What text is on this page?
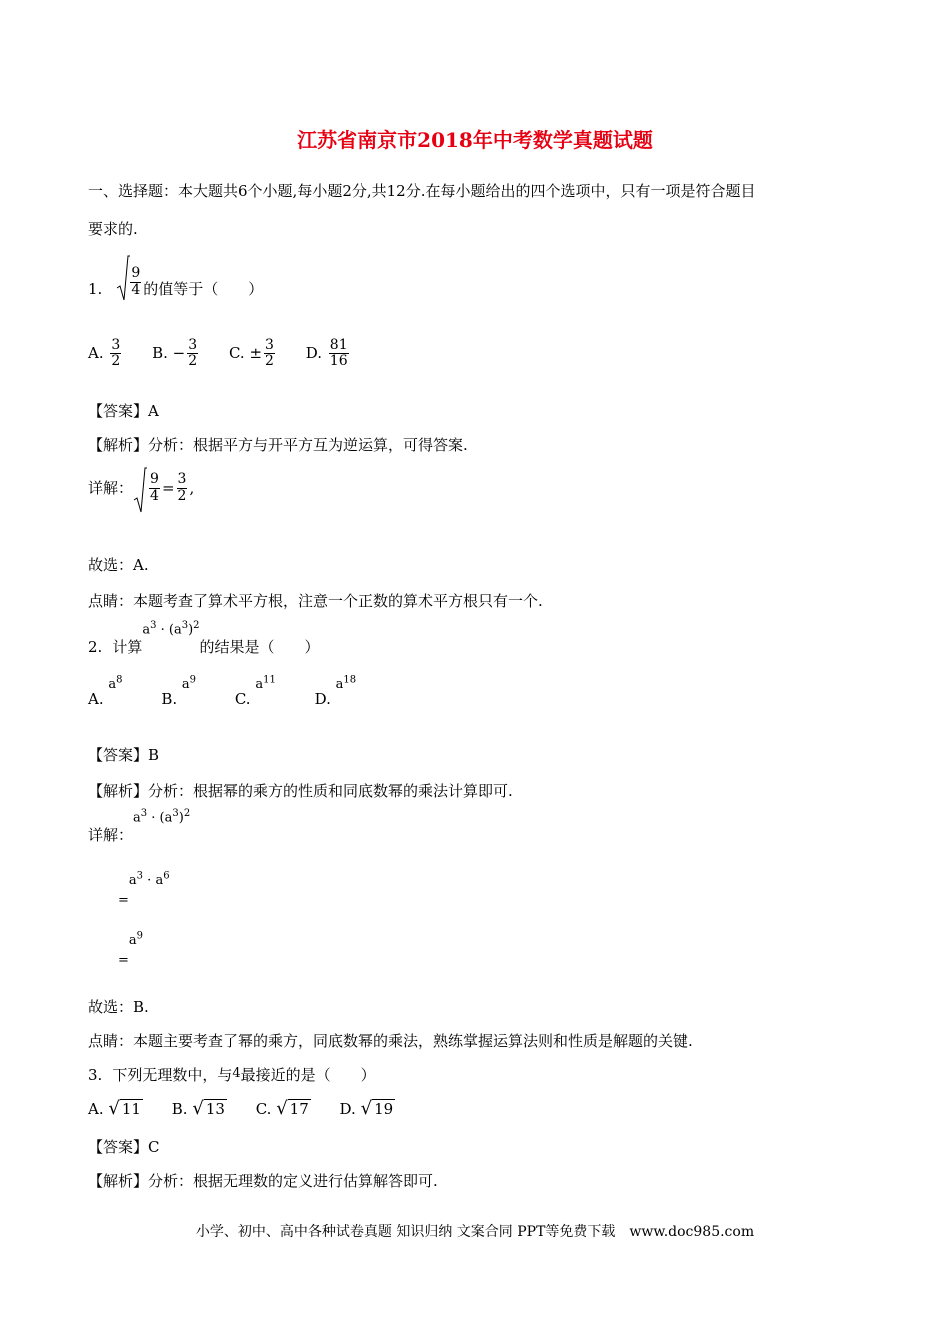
江苏省南京市2018年中考数学真题试题
一、选择题：本大题共6个小题,每小题2分,共12分.在每小题给出的四个选项中，只有一项是符合题目
要求的.
1. $\frac{9}{4}$ 的值等于（　　）
A. $\frac{3}{2} B$. − $\frac{3}{2} C$. ± $\frac{3}{2} D$. $\frac{81}{16}$
【答案】A
【解析】分析：根据平方与开平方互为逆运算，可得答案.
详解： $\frac{9}{4} = \frac{3}{2}$ ,
故选：A.
点睛：本题考查了算术平方根，注意一个正数的算术平方根只有一个.
2. 计算
$a^3 \cdot (a^3)^2$
的结果是（　　）
A. $a^8$ B. $a^9$ C. $a^{11}$ D. $a^{18}$
【答案】B
【解析】分析：根据幂的乘方的性质和同底数幂的乘法计算即可.
详解：
$a^3 \cdot (a^3)^2$
$=a^3 \cdot a^6$
$=a^9$
故选：B.
点睛：本题主要考查了幂的乘方，同底数幂的乘法，熟练掌握运算法则和性质是解题的关键.
3. 下列无理数中，与4最接近的是（　　）
A. √ 11 B. √ 13 C. √ 17 D. √ 19
【答案】C
【解析】分析：根据无理数的定义进行估算解答即可.
小学、初中、高中各种试卷真题 知识归纳 文案合同 PPT等免费下载　www.doc985.com
